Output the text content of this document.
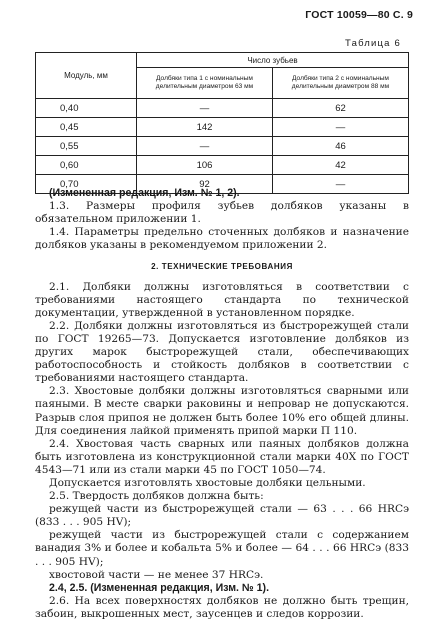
ГОСТ 10059—80 С. 9
Таблица 6
Модуль, мм	Число зубьев	
	Долбяки типа 1 с номинальным делительным диаметром 63 мм	Долбяки типа 2 с номинальным делительным диаметром 88 мм
0,40	—	62
0,45	142	—
0,55	—	46
0,60	106	42
0,70	92	—

(Измененная редакция, Изм. № 1, 2).

1.3. Размеры профиля зубьев долбяков указаны в обязательном приложении 1.

1.4. Параметры предельно сточенных долбяков и назначение долбяков указаны в рекомендуемом приложении 2.

2. ТЕХНИЧЕСКИЕ ТРЕБОВАНИЯ

2.1. Долбяки должны изготовляться в соответствии с требованиями настоящего стандарта по технической документации, утвержденной в установленном порядке.

2.2. Долбяки должны изготовляться из быстрорежущей стали по ГОСТ 19265—73. Допускается изготовление долбяков из других марок быстрорежущей стали, обеспечивающих работоспособность и стойкость долбяков в соответствии с требованиями настоящего стандарта.

2.3. Хвостовые долбяки должны изготовляться сварными или паяными. В месте сварки раковины и непровар не допускаются. Разрыв слоя припоя не должен быть более 10% его общей длины. Для соединения лайкой применять припой марки П 110.

2.4. Хвостовая часть сварных или паяных долбяков должна быть изготовлена из конструкционной стали марки 40Х по ГОСТ 4543—71 или из стали марки 45 по ГОСТ 1050—74.

Допускается изготовлять хвостовые долбяки цельными.

2.5. Твердость долбяков должна быть:

режущей части из быстрорежущей стали — 63 . . . 66 HRCэ (833 . . . 905 HV);

режущей части из быстрорежущей стали с содержанием ванадия 3% и более и кобальта 5% и более — 64 . . . 66 HRCэ (833 . . . 905 HV);

хвостовой части — не менее 37 HRCэ.

2.4, 2.5. (Измененная редакция, Изм. № 1).

2.6. На всех поверхностях долбяков не должно быть трещин, забоин, выкрошенных мест, заусенцев и следов коррозии.
